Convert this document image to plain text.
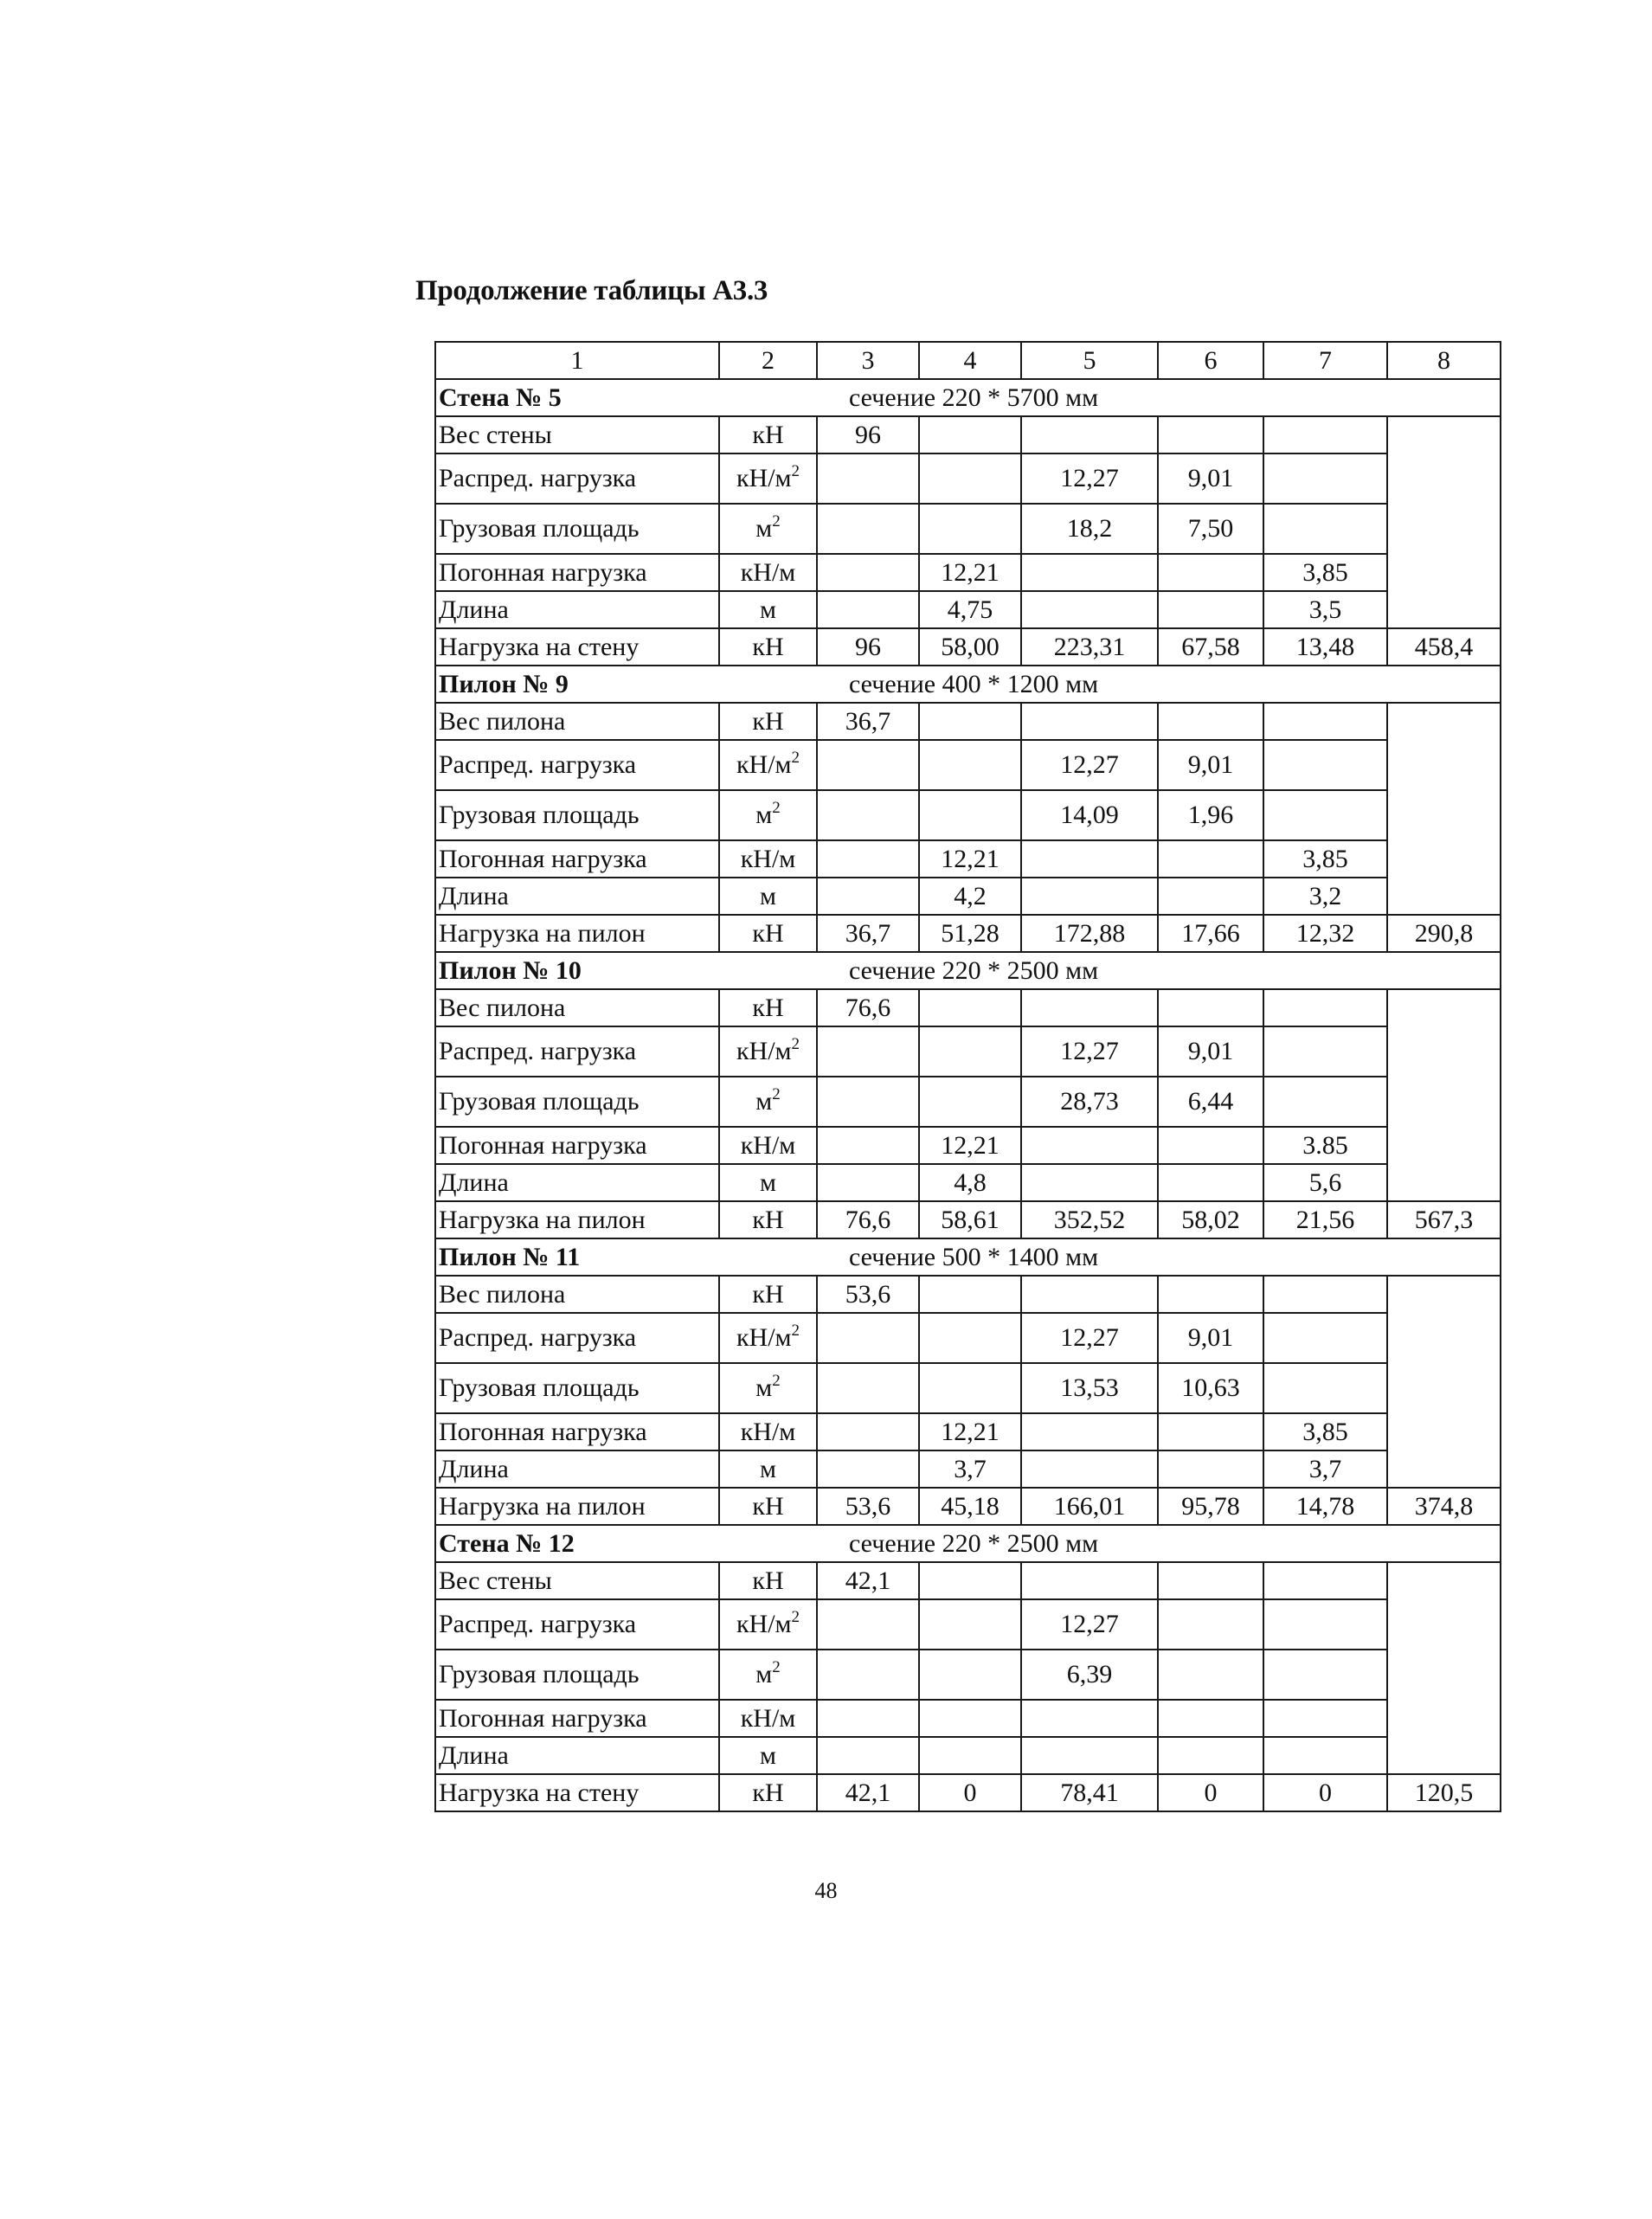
Продолжение таблицы А3.3
1	2	3	4	5	6	7	8
Стена № 5	сечение 220 * 5700 мм						
Вес стены	кН	96					
Распред. нагрузка	$кН/м^2$			12,27	9,01		
Грузовая площадь	$м^2$			18,2	7,50		
Погонная нагрузка	кН/м		12,21			3,85	
Длина	м		4,75			3,5	
Нагрузка на стену	кН	96	58,00	223,31	67,58	13,48	458,4
Пилон № 9	сечение 400 * 1200 мм						
Вес пилона	кН	36,7					
Распред. нагрузка	$кН/м^2$			12,27	9,01		
Грузовая площадь	$м^2$			14,09	1,96		
Погонная нагрузка	кН/м		12,21			3,85	
Длина	м		4,2			3,2	
Нагрузка на пилон	кН	36,7	51,28	172,88	17,66	12,32	290,8
Пилон № 10	сечение 220 * 2500 мм						
Вес пилона	кН	76,6					
Распред. нагрузка	$кН/м^2$			12,27	9,01		
Грузовая площадь	$м^2$			28,73	6,44		
Погонная нагрузка	кН/м		12,21			3.85	
Длина	м		4,8			5,6	
Нагрузка на пилон	кН	76,6	58,61	352,52	58,02	21,56	567,3
Пилон № 11	сечение 500 * 1400 мм						
Вес пилона	кН	53,6					
Распред. нагрузка	$кН/м^2$			12,27	9,01		
Грузовая площадь	$м^2$			13,53	10,63		
Погонная нагрузка	кН/м		12,21			3,85	
Длина	м		3,7			3,7	
Нагрузка на пилон	кН	53,6	45,18	166,01	95,78	14,78	374,8
Стена № 12	сечение 220 * 2500 мм						
Вес стены	кН	42,1					
Распред. нагрузка	$кН/м^2$			12,27			
Грузовая площадь	$м^2$			6,39			
Погонная нагрузка	кН/м						
Длина	м						
Нагрузка на стену	кН	42,1	0	78,41	0	0	120,5
48
